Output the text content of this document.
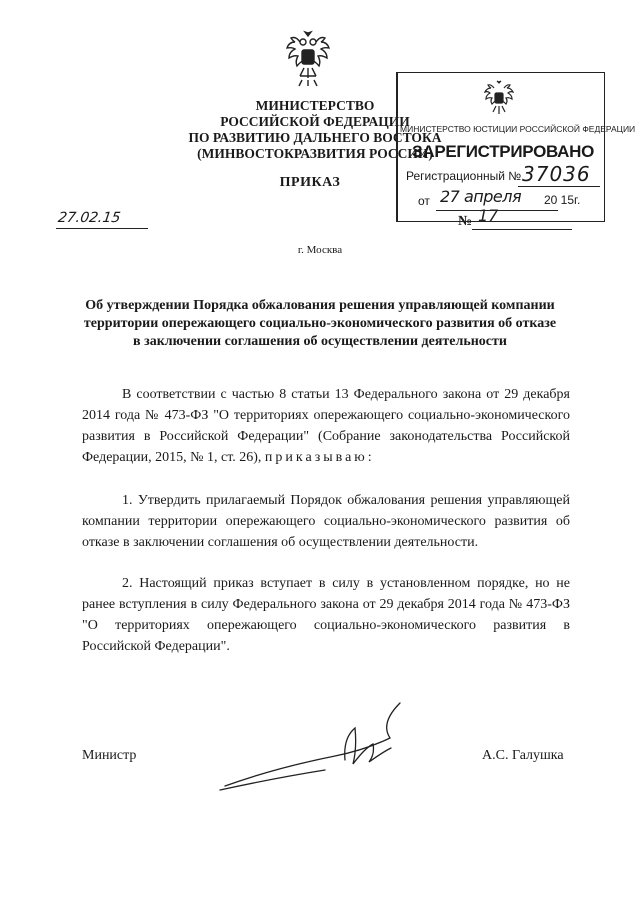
МИНИСТЕРСТВО
РОССИЙСКОЙ ФЕДЕРАЦИИ
ПО РАЗВИТИЮ ДАЛЬНЕГО ВОСТОКА
(МИНВОСТОКРАЗВИТИЯ РОССИИ)
ПРИКАЗ
27.02.15	№ 17
г. Москва
МИНИСТЕРСТВО ЮСТИЦИИ РОССИЙСКОЙ ФЕДЕРАЦИИ
ЗАРЕГИСТРИРОВАНО
Регистрационный № 37036
от 27 апреля 20 15г.
Об утверждении Порядка обжалования решения управляющей компании территории опережающего социально-экономического развития об отказе в заключении соглашения об осуществлении деятельности
В соответствии с частью 8 статьи 13 Федерального закона от 29 декабря 2014 года № 473-ФЗ "О территориях опережающего социально-экономического развития в Российской Федерации" (Собрание законодательства Российской Федерации, 2015, № 1, ст. 26), приказываю:
1. Утвердить прилагаемый Порядок обжалования решения управляющей компании территории опережающего социально-экономического развития об отказе в заключении соглашения об осуществлении деятельности.
2. Настоящий приказ вступает в силу в установленном порядке, но не ранее вступления в силу Федерального закона от 29 декабря 2014 года № 473-ФЗ "О территориях опережающего социально-экономического развития в Российской Федерации".
Министр	А.С. Галушка
